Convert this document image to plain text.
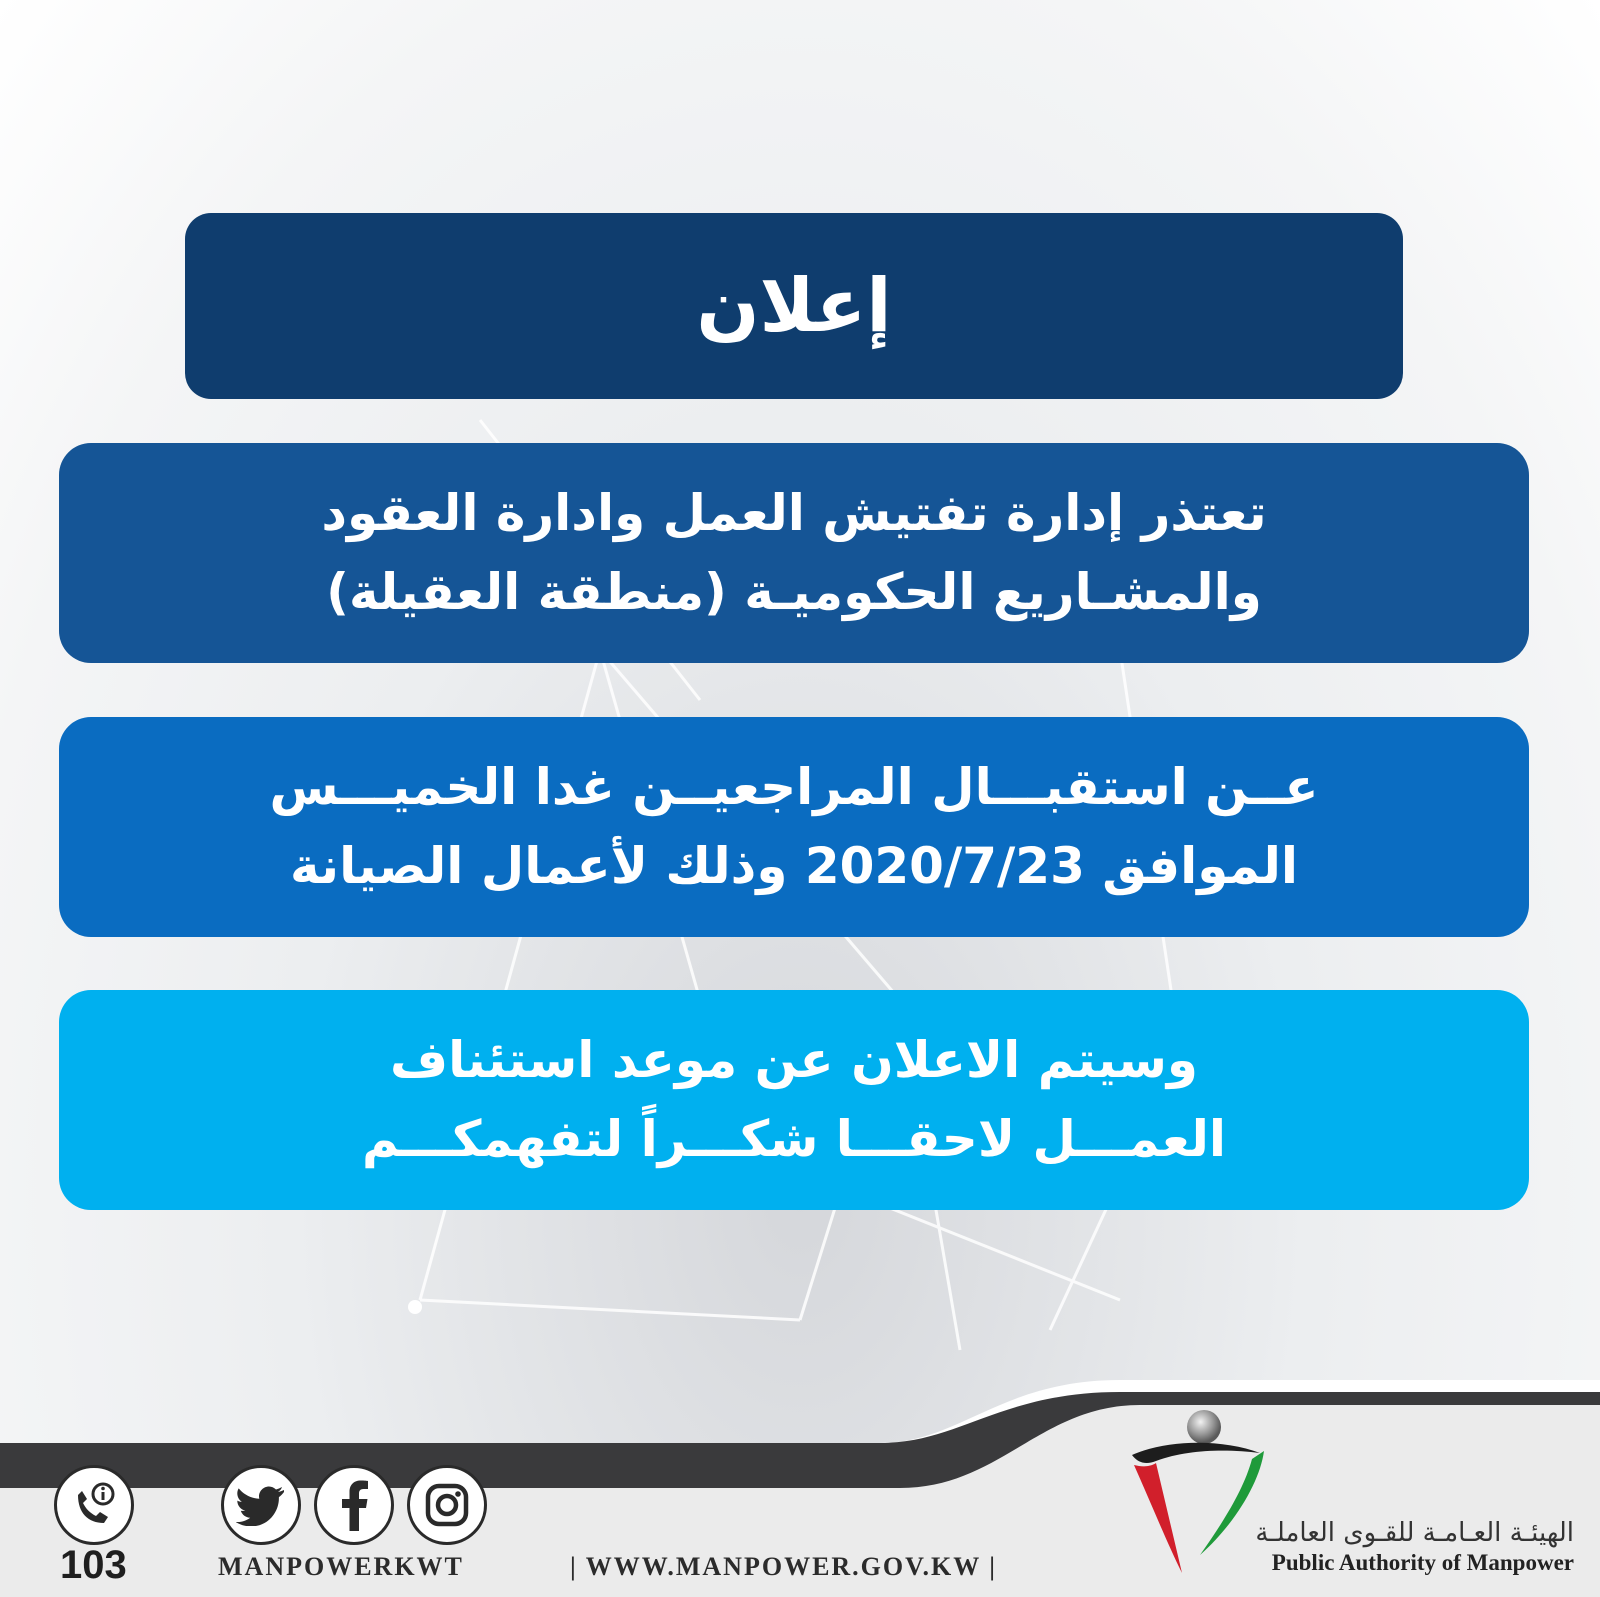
إعلان
تعتذر إدارة تفتيش العمل وادارة العقود
والمشـاريع الحكوميـة (منطقة العقيلة)
عــن استقبـــال المراجعيــن غدا الخميـــس
الموافق 2020/7/23 وذلك لأعمال الصيانة
وسيتم الاعلان عن موعد استئناف
العمـــل لاحقـــا شكـــراً لتفهمكـــم
103	MANPOWERKWT	| WWW.MANPOWER.GOV.KW |
الهيئـة العـامـة للقـوى العاملـة
Public Authority of Manpower
